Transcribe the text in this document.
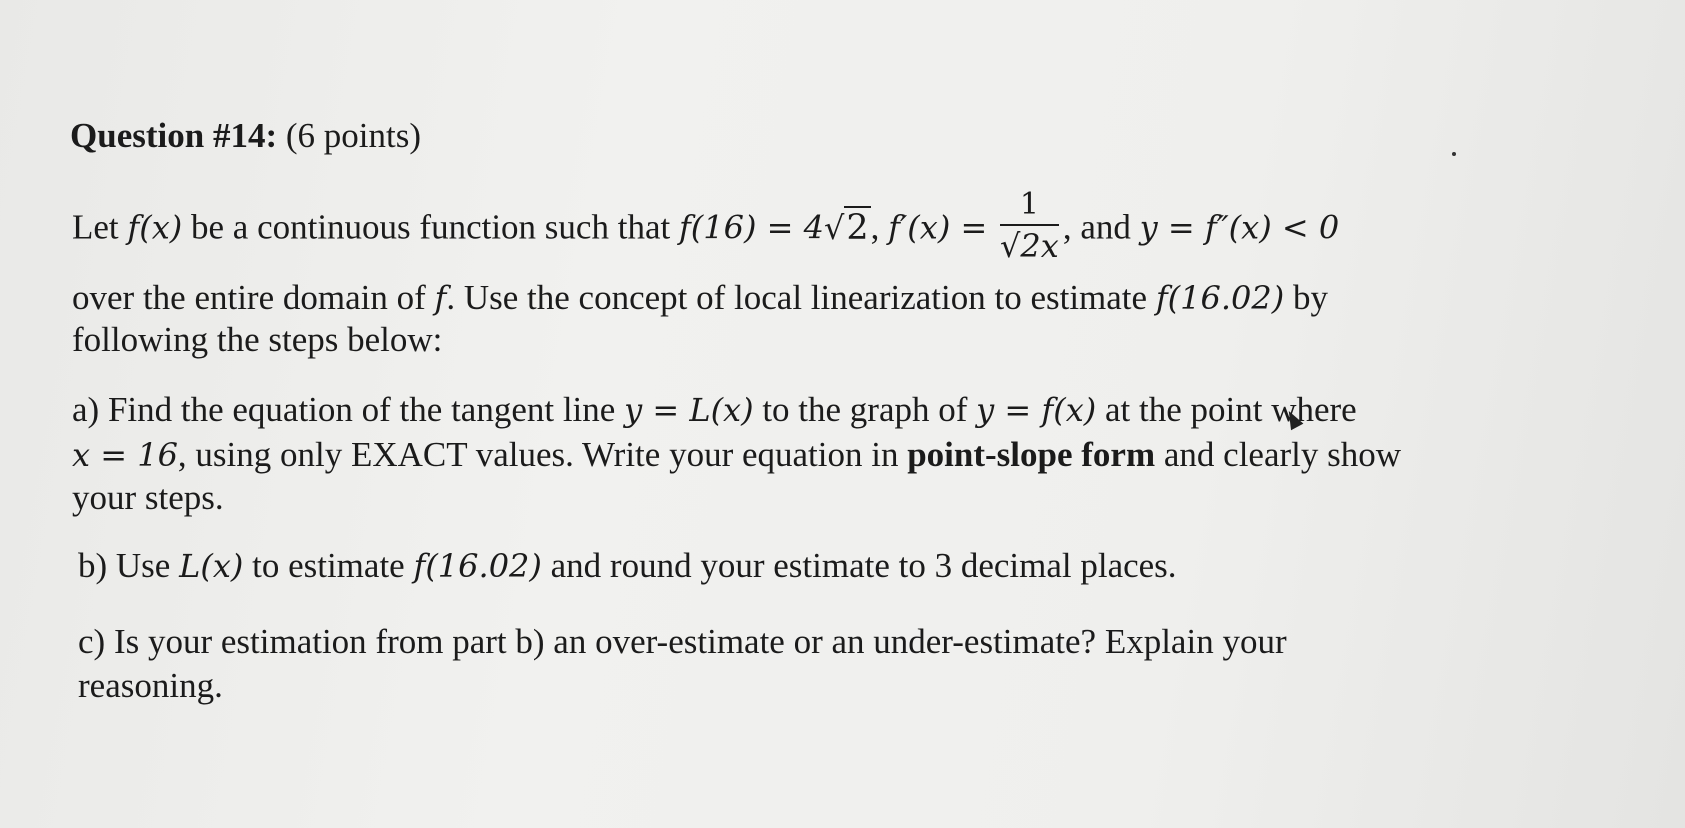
Question #14: (6 points)
Let f(x) be a continuous function such that f(16) = 4√2, $f'(x) = \frac{1}{√2x}$ , and y = f″(x) < 0
over the entire domain of f. Use the concept of local linearization to estimate f(16.02) by
following the steps below:
a) Find the equation of the tangent line y = L(x) to the graph of y = f(x) at the point where
x = 16, using only EXACT values. Write your equation in point-slope form and clearly show
your steps.
b) Use L(x) to estimate f(16.02) and round your estimate to 3 decimal places.
c) Is your estimation from part b) an over-estimate or an under-estimate? Explain your
reasoning.
